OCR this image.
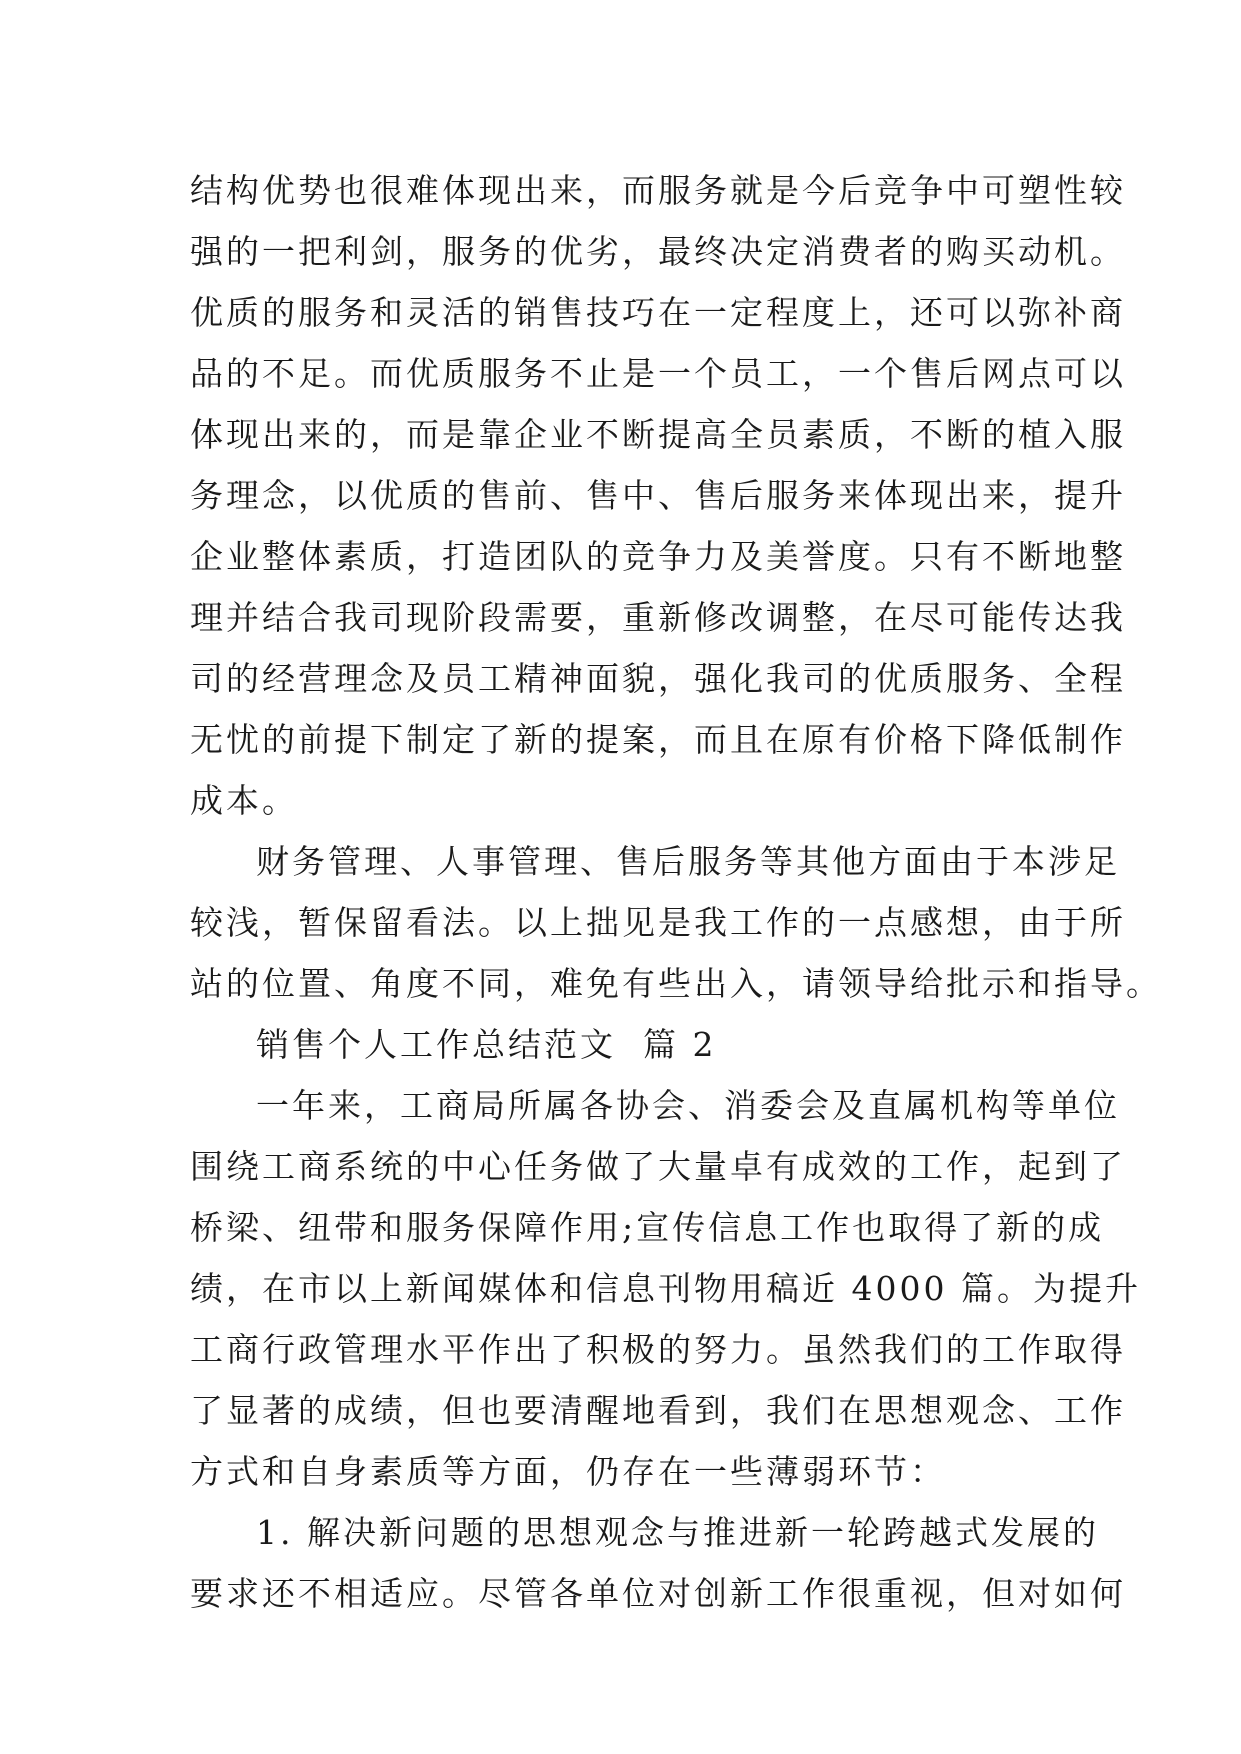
结构优势也很难体现出来，而服务就是今后竞争中可塑性较
强的一把利剑，服务的优劣，最终决定消费者的购买动机。
优质的服务和灵活的销售技巧在一定程度上，还可以弥补商
品的不足。而优质服务不止是一个员工，一个售后网点可以
体现出来的，而是靠企业不断提高全员素质，不断的植入服
务理念，以优质的售前、售中、售后服务来体现出来，提升
企业整体素质，打造团队的竞争力及美誉度。只有不断地整
理并结合我司现阶段需要，重新修改调整，在尽可能传达我
司的经营理念及员工精神面貌，强化我司的优质服务、全程
无忧的前提下制定了新的提案，而且在原有价格下降低制作
成本。
财务管理、人事管理、售后服务等其他方面由于本涉足
较浅，暂保留看法。以上拙见是我工作的一点感想，由于所
站的位置、角度不同，难免有些出入，请领导给批示和指导。
销售个人工作总结范文  篇 2
一年来，工商局所属各协会、消委会及直属机构等单位
围绕工商系统的中心任务做了大量卓有成效的工作，起到了
桥梁、纽带和服务保障作用;宣传信息工作也取得了新的成
绩，在市以上新闻媒体和信息刊物用稿近 4000 篇。为提升
工商行政管理水平作出了积极的努力。虽然我们的工作取得
了显著的成绩，但也要清醒地看到，我们在思想观念、工作
方式和自身素质等方面，仍存在一些薄弱环节：
1. 解决新问题的思想观念与推进新一轮跨越式发展的
要求还不相适应。尽管各单位对创新工作很重视，但对如何
